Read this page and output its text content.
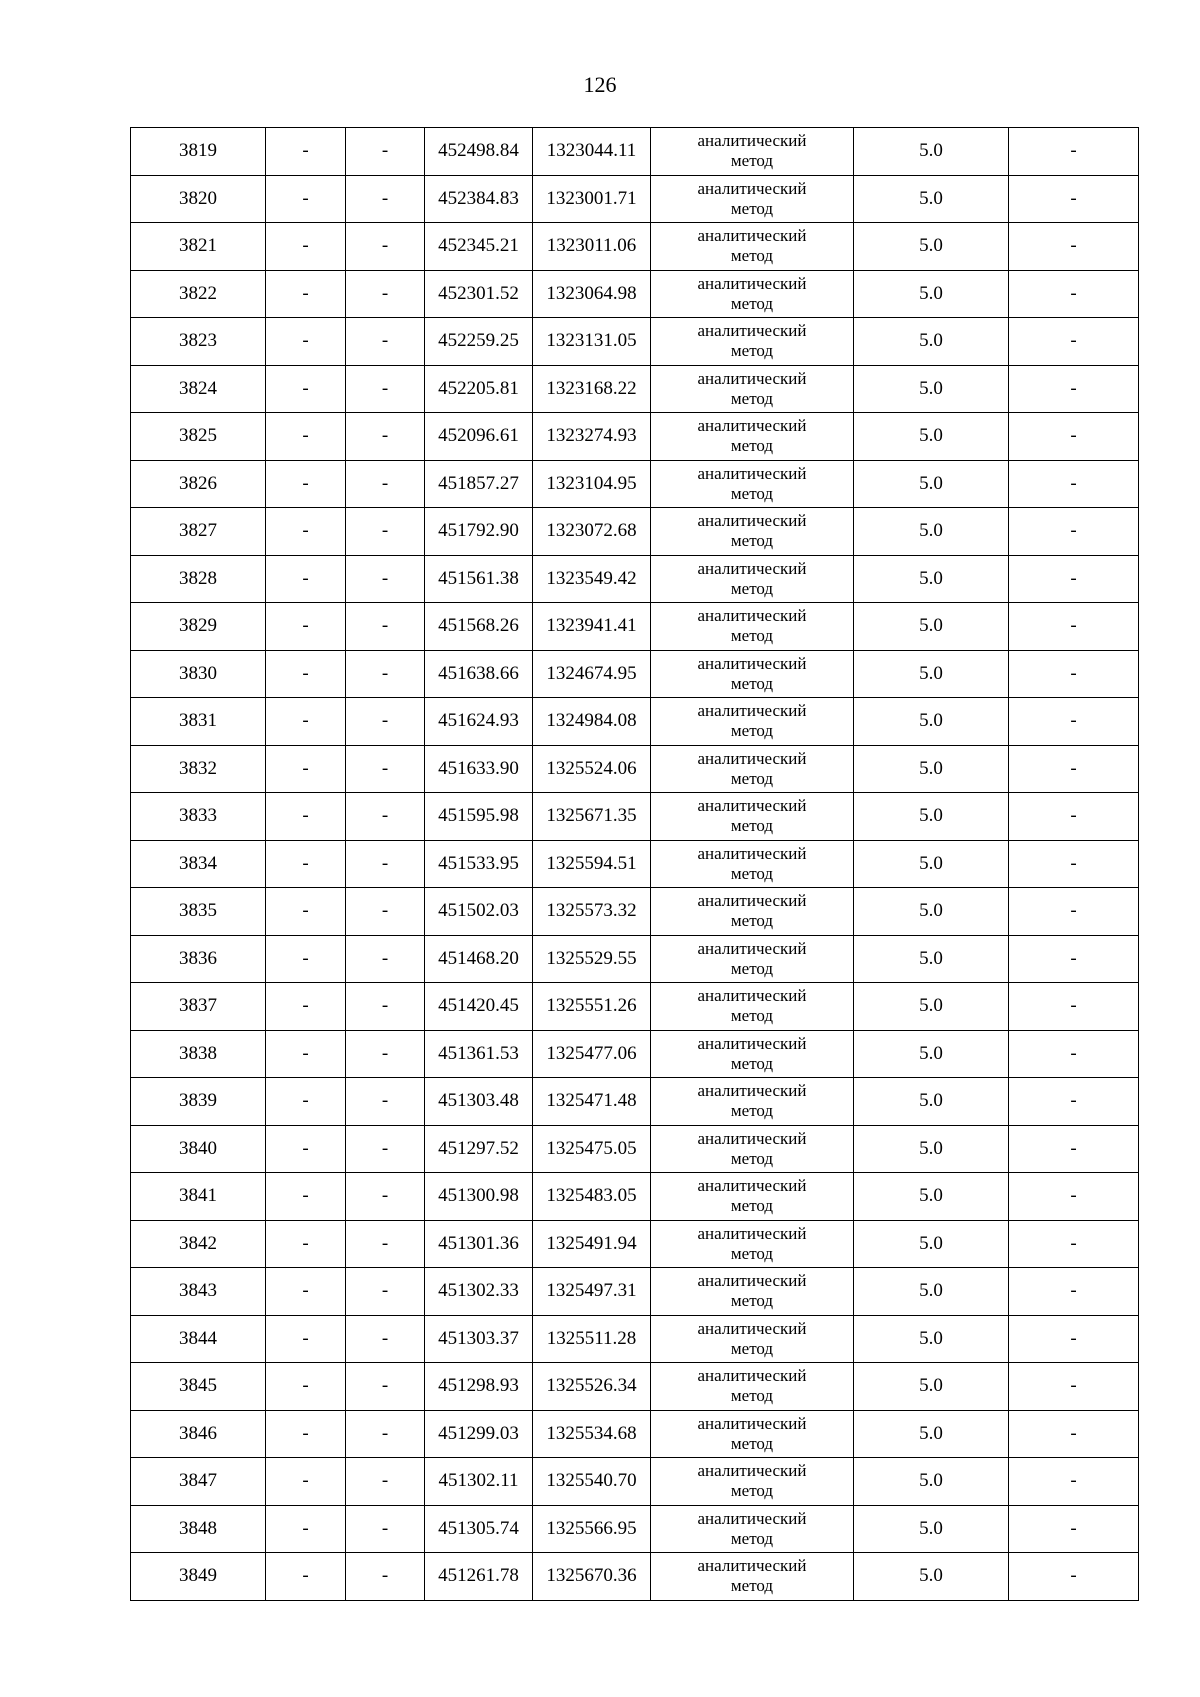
126
3819	-	-	452498.84	1323044.11	аналитический
метод	5.0	-
3820	-	-	452384.83	1323001.71	аналитический
метод	5.0	-
3821	-	-	452345.21	1323011.06	аналитический
метод	5.0	-
3822	-	-	452301.52	1323064.98	аналитический
метод	5.0	-
3823	-	-	452259.25	1323131.05	аналитический
метод	5.0	-
3824	-	-	452205.81	1323168.22	аналитический
метод	5.0	-
3825	-	-	452096.61	1323274.93	аналитический
метод	5.0	-
3826	-	-	451857.27	1323104.95	аналитический
метод	5.0	-
3827	-	-	451792.90	1323072.68	аналитический
метод	5.0	-
3828	-	-	451561.38	1323549.42	аналитический
метод	5.0	-
3829	-	-	451568.26	1323941.41	аналитический
метод	5.0	-
3830	-	-	451638.66	1324674.95	аналитический
метод	5.0	-
3831	-	-	451624.93	1324984.08	аналитический
метод	5.0	-
3832	-	-	451633.90	1325524.06	аналитический
метод	5.0	-
3833	-	-	451595.98	1325671.35	аналитический
метод	5.0	-
3834	-	-	451533.95	1325594.51	аналитический
метод	5.0	-
3835	-	-	451502.03	1325573.32	аналитический
метод	5.0	-
3836	-	-	451468.20	1325529.55	аналитический
метод	5.0	-
3837	-	-	451420.45	1325551.26	аналитический
метод	5.0	-
3838	-	-	451361.53	1325477.06	аналитический
метод	5.0	-
3839	-	-	451303.48	1325471.48	аналитический
метод	5.0	-
3840	-	-	451297.52	1325475.05	аналитический
метод	5.0	-
3841	-	-	451300.98	1325483.05	аналитический
метод	5.0	-
3842	-	-	451301.36	1325491.94	аналитический
метод	5.0	-
3843	-	-	451302.33	1325497.31	аналитический
метод	5.0	-
3844	-	-	451303.37	1325511.28	аналитический
метод	5.0	-
3845	-	-	451298.93	1325526.34	аналитический
метод	5.0	-
3846	-	-	451299.03	1325534.68	аналитический
метод	5.0	-
3847	-	-	451302.11	1325540.70	аналитический
метод	5.0	-
3848	-	-	451305.74	1325566.95	аналитический
метод	5.0	-
3849	-	-	451261.78	1325670.36	аналитический
метод	5.0	-
